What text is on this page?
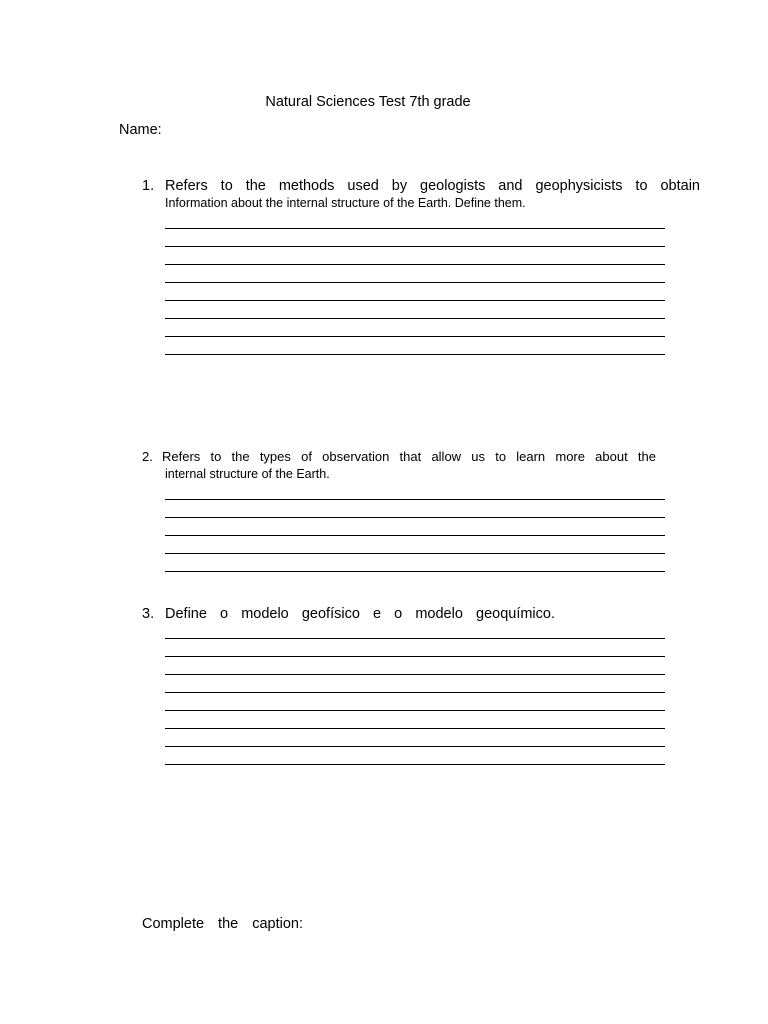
Natural Sciences Test 7th grade
Name:
1. Refers to the methods used by geologists and geophysicists to obtain
Information about the internal structure of the Earth. Define them.
2. Refers to the types of observation that allow us to learn more about the
internal structure of the Earth.
3. Define o modelo geofísico e o modelo geoquímico.
Complete the caption:
